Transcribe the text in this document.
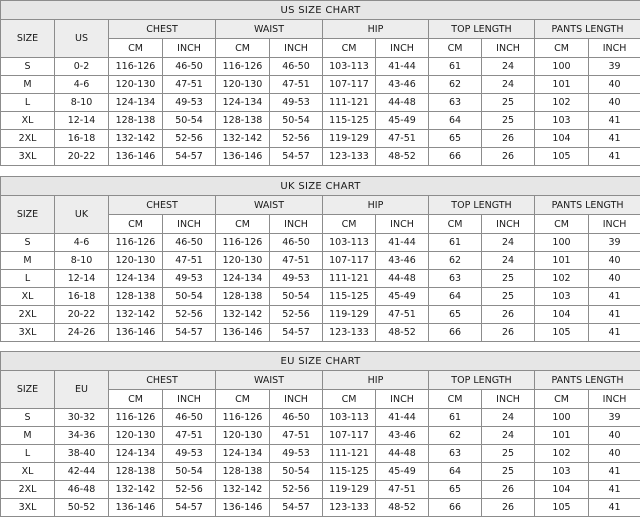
US SIZE CHART											
SIZE	US	CHEST		WAIST		HIP		TOP LENGTH		PANTS LENGTH	
		CM	INCH	CM	INCH	CM	INCH	CM	INCH	CM	INCH
S	0-2	116-126	46-50	116-126	46-50	103-113	41-44	61	24	100	39
M	4-6	120-130	47-51	120-130	47-51	107-117	43-46	62	24	101	40
L	8-10	124-134	49-53	124-134	49-53	111-121	44-48	63	25	102	40
XL	12-14	128-138	50-54	128-138	50-54	115-125	45-49	64	25	103	41
2XL	16-18	132-142	52-56	132-142	52-56	119-129	47-51	65	26	104	41
3XL	20-22	136-146	54-57	136-146	54-57	123-133	48-52	66	26	105	41
UK SIZE CHART											
SIZE	UK	CHEST		WAIST		HIP		TOP LENGTH		PANTS LENGTH	
		CM	INCH	CM	INCH	CM	INCH	CM	INCH	CM	INCH
S	4-6	116-126	46-50	116-126	46-50	103-113	41-44	61	24	100	39
M	8-10	120-130	47-51	120-130	47-51	107-117	43-46	62	24	101	40
L	12-14	124-134	49-53	124-134	49-53	111-121	44-48	63	25	102	40
XL	16-18	128-138	50-54	128-138	50-54	115-125	45-49	64	25	103	41
2XL	20-22	132-142	52-56	132-142	52-56	119-129	47-51	65	26	104	41
3XL	24-26	136-146	54-57	136-146	54-57	123-133	48-52	66	26	105	41
EU SIZE CHART											
SIZE	EU	CHEST		WAIST		HIP		TOP LENGTH		PANTS LENGTH	
		CM	INCH	CM	INCH	CM	INCH	CM	INCH	CM	INCH
S	30-32	116-126	46-50	116-126	46-50	103-113	41-44	61	24	100	39
M	34-36	120-130	47-51	120-130	47-51	107-117	43-46	62	24	101	40
L	38-40	124-134	49-53	124-134	49-53	111-121	44-48	63	25	102	40
XL	42-44	128-138	50-54	128-138	50-54	115-125	45-49	64	25	103	41
2XL	46-48	132-142	52-56	132-142	52-56	119-129	47-51	65	26	104	41
3XL	50-52	136-146	54-57	136-146	54-57	123-133	48-52	66	26	105	41
